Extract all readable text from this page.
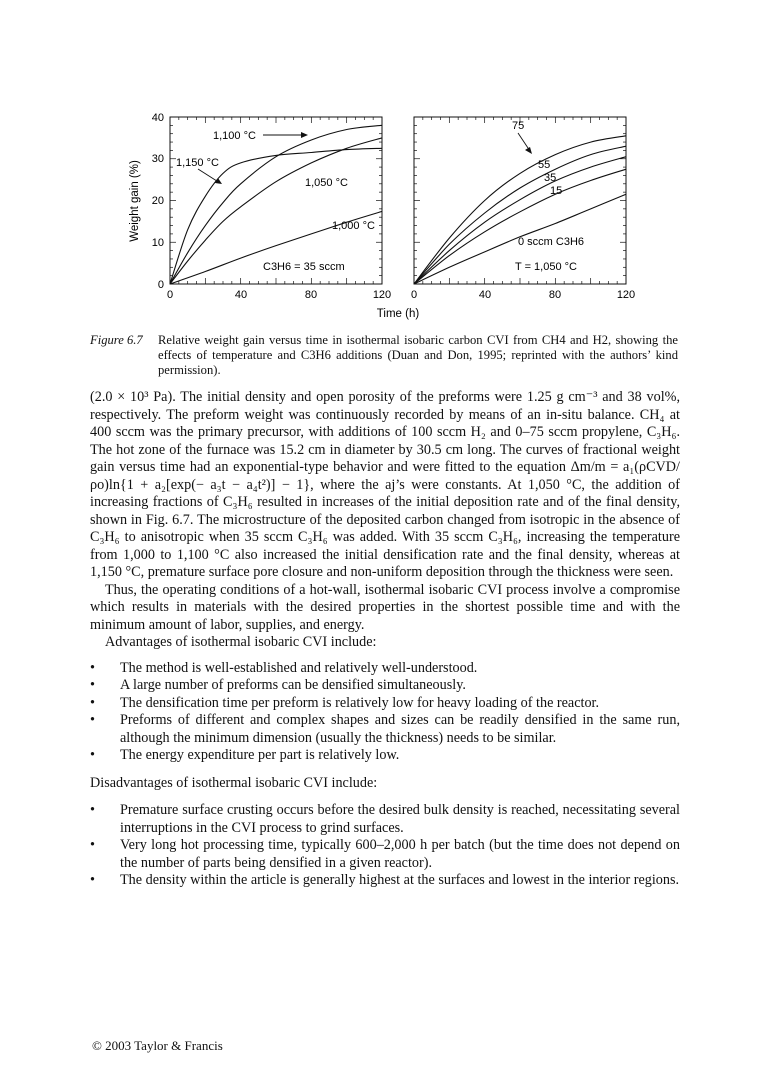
Weight gain (%)
0
10
20
30
40
0	40	80	120 0	40	80	120
Time (h)
1,100 °C
1,150 °C
1,050 °C
1,000 °C
C3H6 = 35 sccm
75
55
35
15
0 sccm C3H6
T = 1,050 °C
Figure 6.7 Relative weight gain versus time in isothermal isobaric carbon CVI from CH4 and H2, showing the effects of temperature and C3H6 additions (Duan and Don, 1995; reprinted with the authors’ kind permission).

(2.0 × 10³ Pa). The initial density and open porosity of the preforms were 1.25 g cm⁻³ and 38 vol%, respectively. The preform weight was continuously recorded by means of an in-situ balance. CH₄ at 400 sccm was the primary precursor, with additions of 100 sccm H₂ and 0–75 sccm propylene, C₃H₆. The hot zone of the furnace was 15.2 cm in diameter by 30.5 cm long. The curves of fractional weight gain versus time had an exponential-type behavior and were fitted to the equation Δm/m = a₁(ρCVD/ρo)ln{1 + a₂[exp(− a₃t − a₄t²)] − 1}, where the aj’s were constants. At 1,050 °C, the addition of increasing fractions of C₃H₆ resulted in increases of the initial deposition rate and of the final density, shown in Fig. 6.7. The microstructure of the deposited carbon changed from isotropic in the absence of C₃H₆ to anisotropic when 35 sccm C₃H₆ was added. With 35 sccm C₃H₆, increasing the temperature from 1,000 to 1,100 °C also increased the initial densification rate and the final density, whereas at 1,150 °C, premature surface pore closure and non-uniform deposition through the thickness were seen.

Thus, the operating conditions of a hot-wall, isothermal isobaric CVI process involve a compromise which results in materials with the desired properties in the shortest possible time and with the minimum amount of labor, supplies, and energy.

Advantages of isothermal isobaric CVI include:

• The method is well-established and relatively well-understood.
• A large number of preforms can be densified simultaneously.
• The densification time per preform is relatively low for heavy loading of the reactor.
• Preforms of different and complex shapes and sizes can be readily densified in the same run, although the minimum dimension (usually the thickness) needs to be similar.
• The energy expenditure per part is relatively low.

Disadvantages of isothermal isobaric CVI include:

• Premature surface crusting occurs before the desired bulk density is reached, necessitating several interruptions in the CVI process to grind surfaces.
• Very long hot processing time, typically 600–2,000 h per batch (but the time does not depend on the number of parts being densified in a given reactor).
• The density within the article is generally highest at the surfaces and lowest in the interior regions.
© 2003 Taylor & Francis
